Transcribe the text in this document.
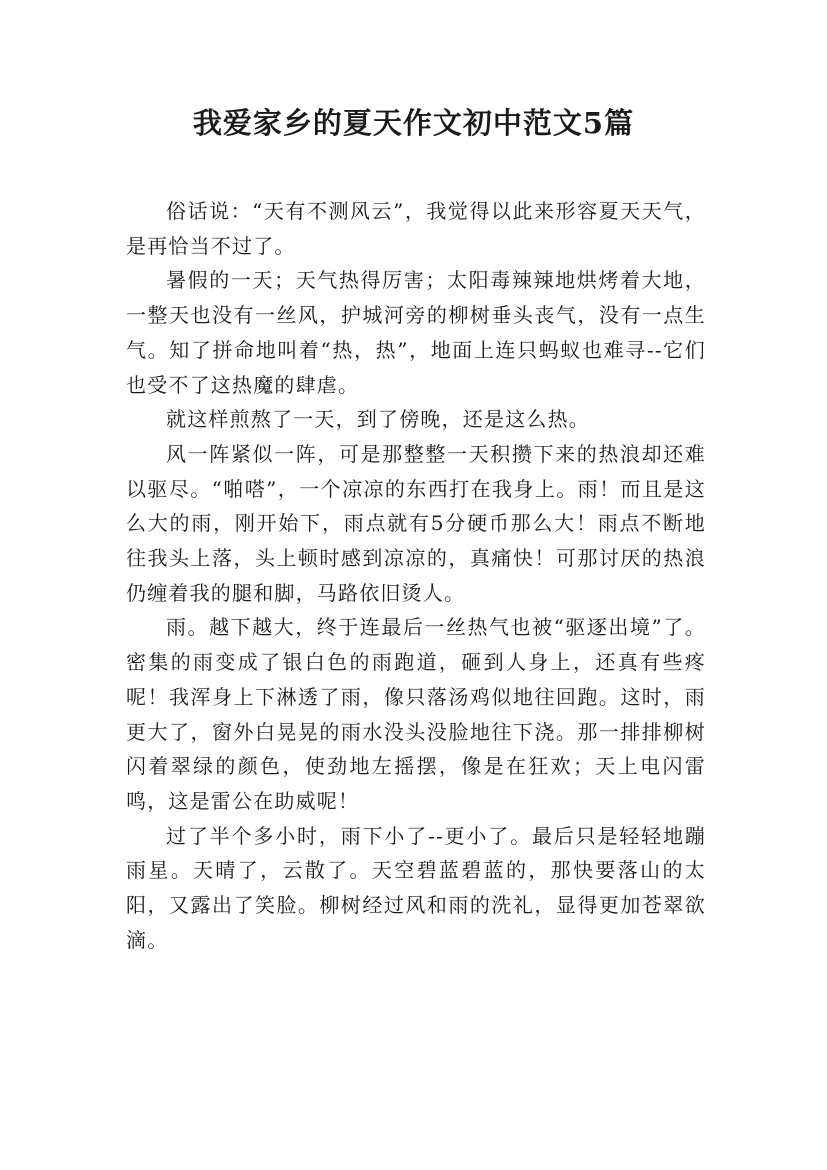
我爱家乡的夏天作文初中范文5篇

俗话说：“天有不测风云”，我觉得以此来形容夏天天气，是再恰当不过了。

暑假的一天；天气热得厉害；太阳毒辣辣地烘烤着大地，一整天也没有一丝风，护城河旁的柳树垂头丧气，没有一点生气。知了拼命地叫着“热，热”，地面上连只蚂蚁也难寻--它们也受不了这热魔的肆虐。

就这样煎熬了一天，到了傍晚，还是这么热。

风一阵紧似一阵，可是那整整一天积攒下来的热浪却还难以驱尽。“啪嗒”，一个凉凉的东西打在我身上。雨！而且是这么大的雨，刚开始下，雨点就有5分硬币那么大！雨点不断地往我头上落，头上顿时感到凉凉的，真痛快！可那讨厌的热浪仍缠着我的腿和脚，马路依旧烫人。

雨。越下越大，终于连最后一丝热气也被“驱逐出境”了。密集的雨变成了银白色的雨跑道，砸到人身上，还真有些疼呢！我浑身上下淋透了雨，像只落汤鸡似地往回跑。这时，雨更大了，窗外白晃晃的雨水没头没脸地往下浇。那一排排柳树闪着翠绿的颜色，使劲地左摇摆，像是在狂欢；天上电闪雷鸣，这是雷公在助威呢！

过了半个多小时，雨下小了--更小了。最后只是轻轻地蹦雨星。天晴了，云散了。天空碧蓝碧蓝的，那快要落山的太阳，又露出了笑脸。柳树经过风和雨的洗礼，显得更加苍翠欲滴。
